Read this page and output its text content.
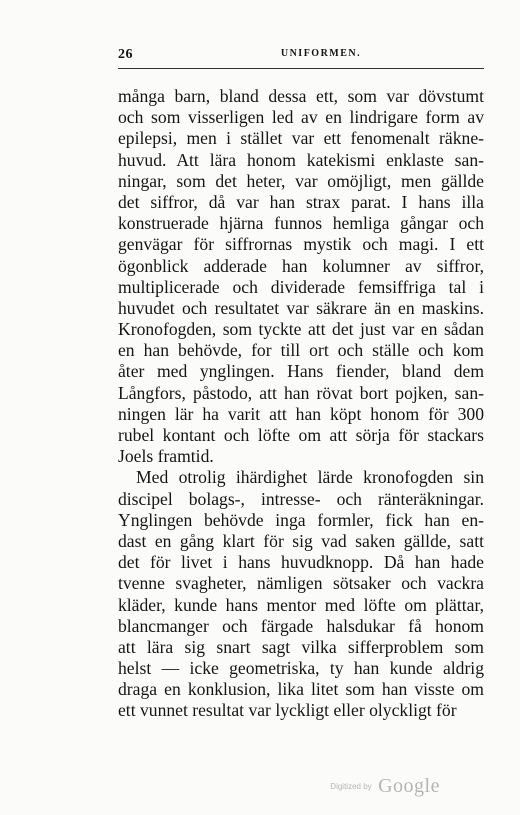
26	UNIFORMEN.
många barn, bland dessa ett, som var dövstumt
och som visserligen led av en lindrigare form av
epilepsi, men i stället var ett fenomenalt räkne-
huvud. Att lära honom katekismi enklaste san-
ningar, som det heter, var omöjligt, men gällde
det siffror, då var han strax parat. I hans illa
konstruerade hjärna funnos hemliga gångar och
genvägar för siffrornas mystik och magi. I ett
ögonblick adderade han kolumner av siffror,
multiplicerade och dividerade femsiffriga tal i
huvudet och resultatet var säkrare än en maskins.
Kronofogden, som tyckte att det just var en sådan
en han behövde, for till ort och ställe och kom
åter med ynglingen. Hans fiender, bland dem
Långfors, påstodo, att han rövat bort pojken, san-
ningen lär ha varit att han köpt honom för 300
rubel kontant och löfte om att sörja för stackars
Joels framtid.
Med otrolig ihärdighet lärde kronofogden sin
discipel bolags-, intresse- och ränteräkningar.
Ynglingen behövde inga formler, fick han en-
dast en gång klart för sig vad saken gällde, satt
det för livet i hans huvudknopp. Då han hade
tvenne svagheter, nämligen sötsaker och vackra
kläder, kunde hans mentor med löfte om plättar,
blancmanger och färgade halsdukar få honom
att lära sig snart sagt vilka sifferproblem som
helst — icke geometriska, ty han kunde aldrig
draga en konklusion, lika litet som han visste om
ett vunnet resultat var lyckligt eller olyckligt för
Digitized by Google
